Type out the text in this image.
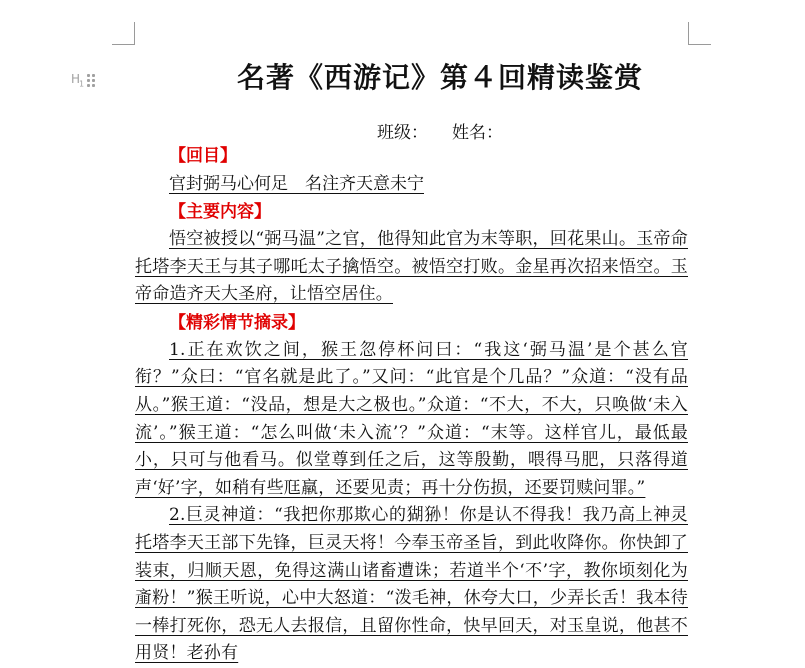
$H_1$	名著《西游记》第４回精读鉴赏
班级： 姓名：
【回目】
官封弼马心何足　名注齐天意未宁
【主要内容】
悟空被授以“弼马温”之官，他得知此官为末等职，回花果山。玉帝命托塔李天王与其子哪吒太子擒悟空。被悟空打败。金星再次招来悟空。玉帝命造齐天大圣府，让悟空居住。
【精彩情节摘录】
1.正在欢饮之间，猴王忽停杯问曰：“我这‘弼马温’是个甚么官衔？”众曰：“官名就是此了。”又问：“此官是个几品？”众道：“没有品从。”猴王道：“没品，想是大之极也。”众道：“不大，不大，只唤做‘未入流’。”猴王道：“怎么叫做‘未入流’？”众道：“末等。这样官儿，最低最小，只可与他看马。似堂尊到任之后，这等殷勤，喂得马肥，只落得道声‘好’字，如稍有些尫羸，还要见责；再十分伤损，还要罚赎问罪。”
2.巨灵神道：“我把你那欺心的猢狲！你是认不得我！我乃高上神灵托塔李天王部下先锋，巨灵天将！今奉玉帝圣旨，到此收降你。你快卸了装束，归顺天恩，免得这满山诸畜遭诛；若道半个‘不’字，教你顷刻化为齑粉！”猴王听说，心中大怒道：“泼毛神，休夸大口，少弄长舌！我本待一棒打死你，恐无人去报信，且留你性命，快早回天，对玉皇说，他甚不用贤！老孙有
